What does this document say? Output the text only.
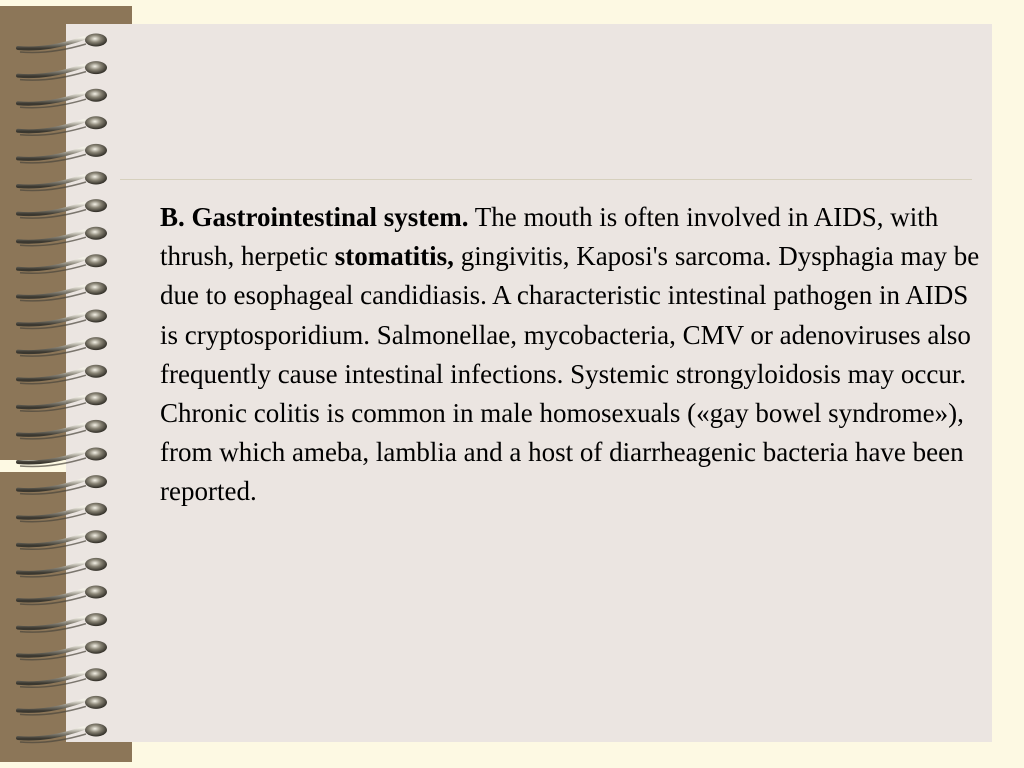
B. Gastrointestinal system. The mouth is often involved in AIDS, with thrush, herpetic stomatitis, gingivitis, Kaposi's sarcoma. Dysphagia may be due to esophageal candidiasis. A characteristic intestinal pathogen in AIDS is cryptosporidium. Salmonellae, mycobacteria, CMV or adenoviruses also frequently cause intestinal infections. Systemic strongyloidosis may occur. Chronic colitis is common in male homosexuals («gay bowel syndrome»), from which ameba, lamblia and a host of diarrheagenic bacteria have been reported.
